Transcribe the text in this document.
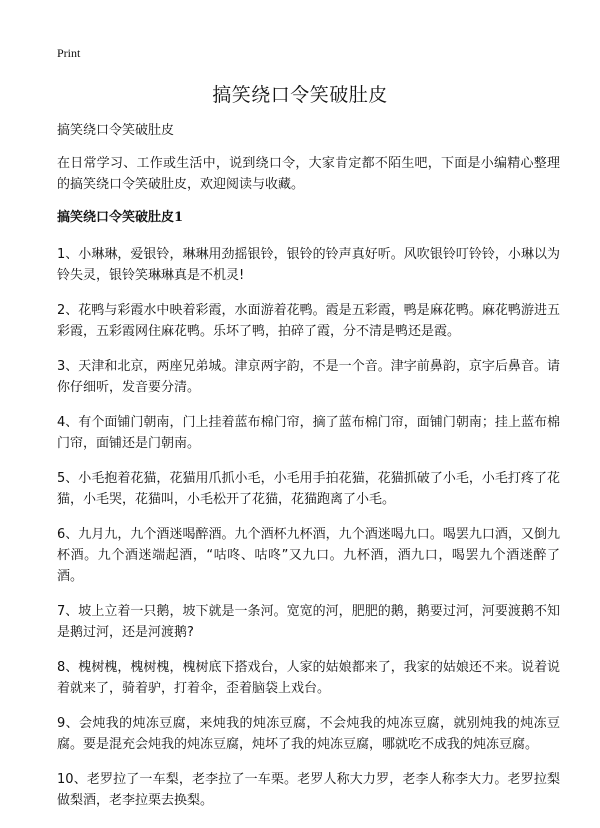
Print
搞笑绕口令笑破肚皮

搞笑绕口令笑破肚皮

在日常学习、工作或生活中，说到绕口令，大家肯定都不陌生吧，下面是小编精心整理的搞笑绕口令笑破肚皮，欢迎阅读与收藏。

搞笑绕口令笑破肚皮1

1、小琳琳，爱银铃，琳琳用劲摇银铃，银铃的铃声真好听。风吹银铃叮铃铃，小琳以为铃失灵，银铃笑琳琳真是不机灵!

2、花鸭与彩霞水中映着彩霞，水面游着花鸭。霞是五彩霞，鸭是麻花鸭。麻花鸭游进五彩霞，五彩霞网住麻花鸭。乐坏了鸭，拍碎了霞，分不清是鸭还是霞。

3、天津和北京，两座兄弟城。津京两字韵，不是一个音。津字前鼻韵，京字后鼻音。请你仔细听，发音要分清。

4、有个面铺门朝南，门上挂着蓝布棉门帘，摘了蓝布棉门帘，面铺门朝南；挂上蓝布棉门帘，面铺还是门朝南。

5、小毛抱着花猫，花猫用爪抓小毛，小毛用手拍花猫，花猫抓破了小毛，小毛打疼了花猫，小毛哭，花猫叫，小毛松开了花猫，花猫跑离了小毛。

6、九月九，九个酒迷喝醉酒。九个酒杯九杯酒，九个酒迷喝九口。喝罢九口酒，又倒九杯酒。九个酒迷端起酒，“咕咚、咕咚”又九口。九杯酒，酒九口，喝罢九个酒迷醉了酒。

7、坡上立着一只鹅，坡下就是一条河。宽宽的河，肥肥的鹅，鹅要过河，河要渡鹅不知是鹅过河，还是河渡鹅?

8、槐树槐，槐树槐，槐树底下搭戏台，人家的姑娘都来了，我家的姑娘还不来。说着说着就来了，骑着驴，打着伞，歪着脑袋上戏台。

9、会炖我的炖冻豆腐，来炖我的炖冻豆腐，不会炖我的炖冻豆腐，就别炖我的炖冻豆腐。要是混充会炖我的炖冻豆腐，炖坏了我的炖冻豆腐，哪就吃不成我的炖冻豆腐。

10、老罗拉了一车梨，老李拉了一车栗。老罗人称大力罗，老李人称李大力。老罗拉梨做梨酒，老李拉栗去换梨。
